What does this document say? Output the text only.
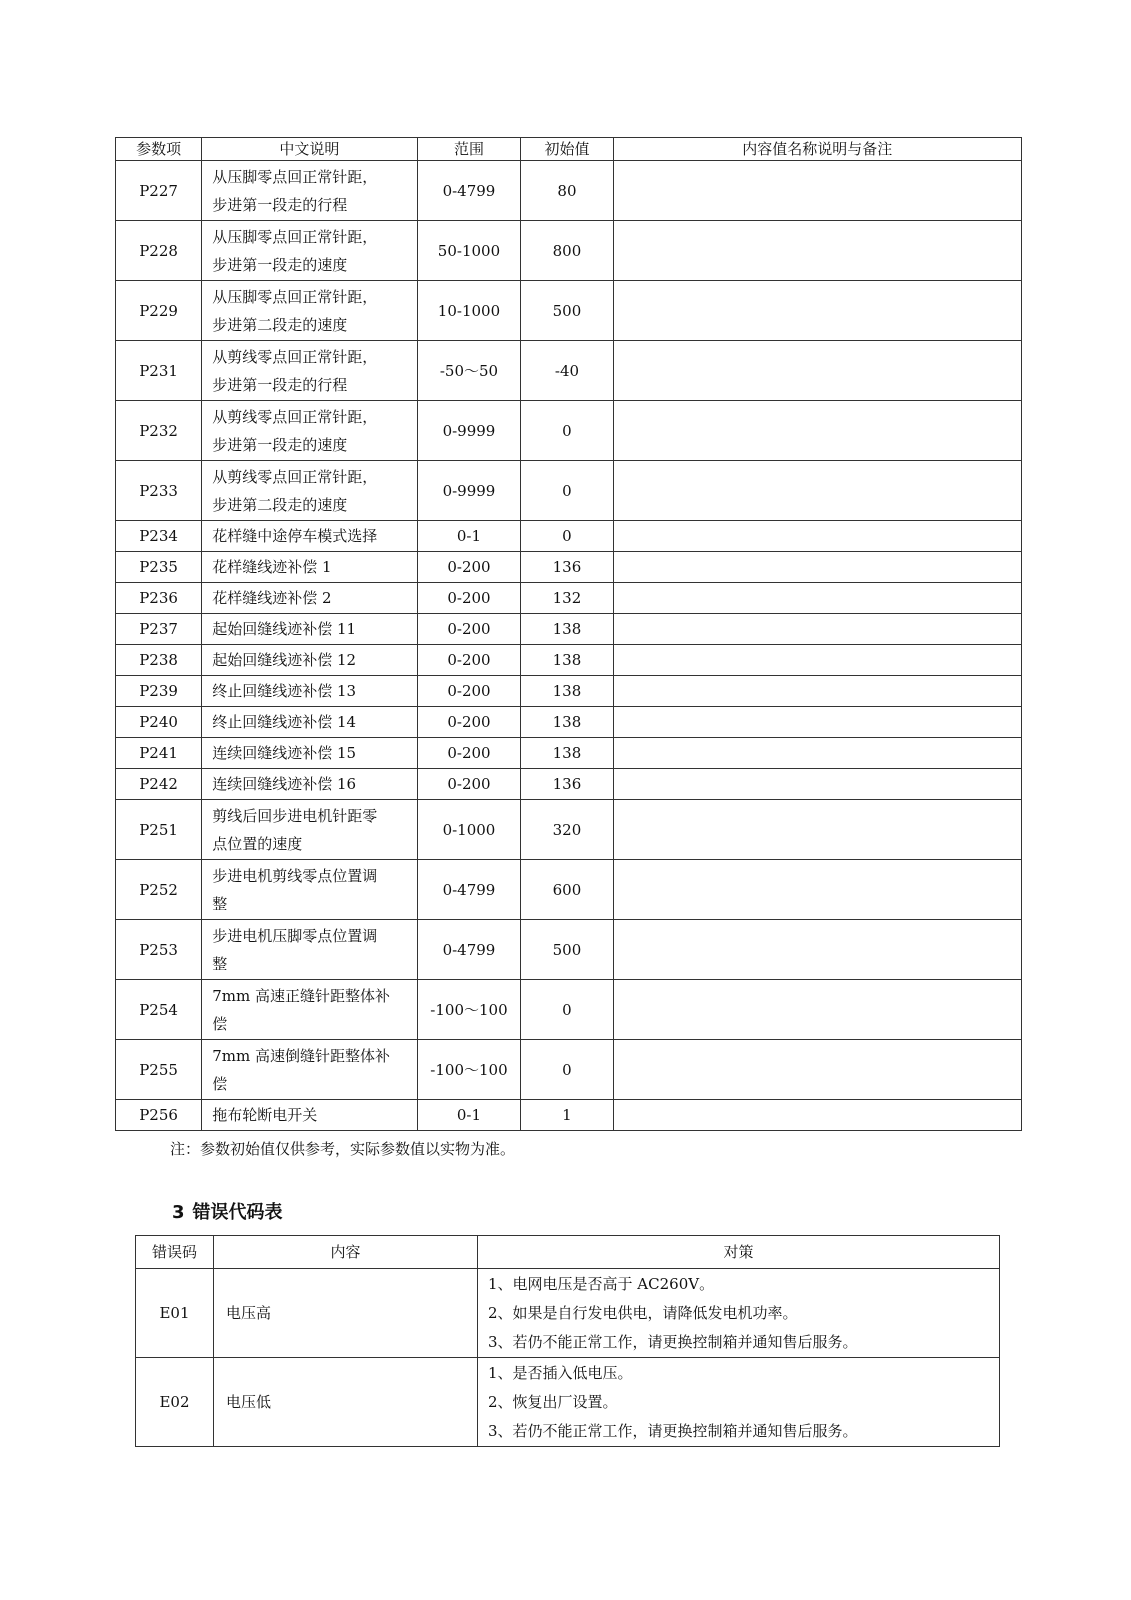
参数项	中文说明	范围	初始值	内容值名称说明与备注
P227	从压脚零点回正常针距，
步进第一段走的行程	0-4799	80	
P228	从压脚零点回正常针距，
步进第一段走的速度	50-1000	800	
P229	从压脚零点回正常针距，
步进第二段走的速度	10-1000	500	
P231	从剪线零点回正常针距，
步进第一段走的行程	-50～50	-40	
P232	从剪线零点回正常针距，
步进第一段走的速度	0-9999	0	
P233	从剪线零点回正常针距，
步进第二段走的速度	0-9999	0	
P234	花样缝中途停车模式选择	0-1	0	
P235	花样缝线迹补偿 1	0-200	136	
P236	花样缝线迹补偿 2	0-200	132	
P237	起始回缝线迹补偿 11	0-200	138	
P238	起始回缝线迹补偿 12	0-200	138	
P239	终止回缝线迹补偿 13	0-200	138	
P240	终止回缝线迹补偿 14	0-200	138	
P241	连续回缝线迹补偿 15	0-200	138	
P242	连续回缝线迹补偿 16	0-200	136	
P251	剪线后回步进电机针距零
点位置的速度	0-1000	320	
P252	步进电机剪线零点位置调
整	0-4799	600	
P253	步进电机压脚零点位置调
整	0-4799	500	
P254	7mm 高速正缝针距整体补
偿	-100～100	0	
P255	7mm 高速倒缝针距整体补
偿	-100～100	0	
P256	拖布轮断电开关	0-1	1	
注：参数初始值仅供参考，实际参数值以实物为准。
3 错误代码表
错误码	内容	对策
E01	电压高	1、电网电压是否高于 AC260V。
2、如果是自行发电供电，请降低发电机功率。
3、若仍不能正常工作，请更换控制箱并通知售后服务。

E02	电压低	1、是否插入低电压。
2、恢复出厂设置。
3、若仍不能正常工作，请更换控制箱并通知售后服务。
